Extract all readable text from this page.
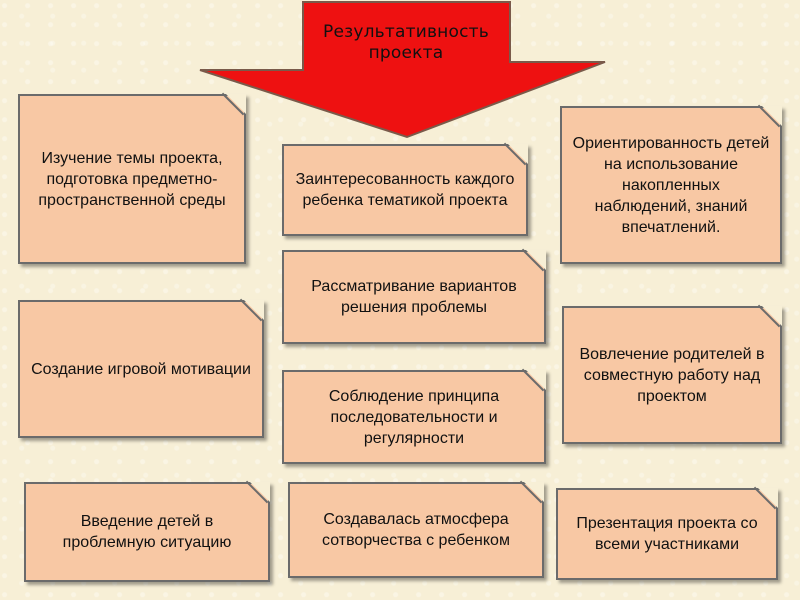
Результативность
проекта
Изучение темы проекта, подготовка предметно-пространственной среды
Создание игровой мотивации
Введение детей в проблемную ситуацию
Заинтересованность каждого ребенка тематикой проекта
Рассматривание вариантов решения проблемы
Соблюдение принципа последовательности и регулярности
Создавалась атмосфера сотворчества с ребенком
Ориентированность детей на использование накопленных наблюдений, знаний впечатлений.
Вовлечение родителей в совместную работу над проектом
Презентация проекта со всеми участниками
